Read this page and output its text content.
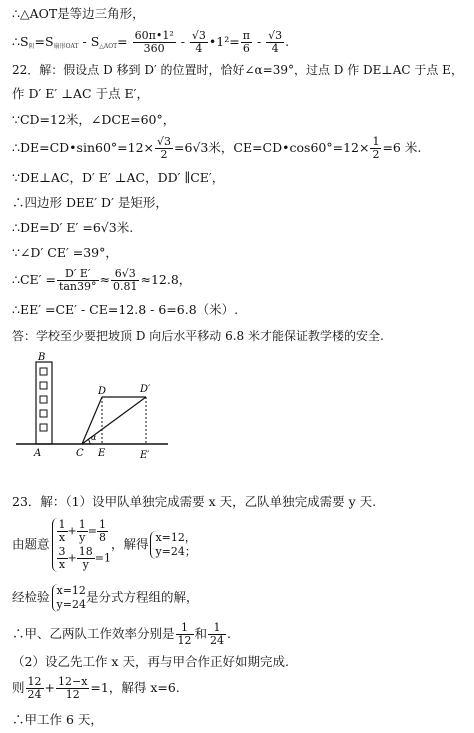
∴△AOT是等边三角形，
$\therefore S_阴=S_{扇形OAT} - S_{\triangle AOT}= \frac{\text{60π•1²}}{360} - \frac{√3}{4}$ •1²= $\frac{\pi}{6} - \frac{√3}{4}$ .
22．解：假设点 D 移到 D′ 的位置时，恰好∠α=39°，过点 D 作 DE⊥AC 于点 E，
作 D′ E′ ⊥AC 于点 E′，
∵CD=12米，∠DCE=60°，
∴DE=CD•sin60°=12× $\frac{√3}{2} =6√3$米，CE=CD•cos60°=12× $\frac{1}{2} =6$ 米.
∵DE⊥AC，D′ E′ ⊥AC，DD′ ∥CE′，
∴四边形 DEE′ D′ 是矩形，
∴DE=D′ E′ =6√3米.
∵∠D′ CE′ =39°，
∴CE′ = $\frac{D' E'}{\tan 39^\circ} \approx \frac{6√3}{0.81} \approx 12.8$，
∴EE′ =CE′ - CE=12.8 - 6=6.8（米）.
答：学校至少要把坡顶 D 向后水平移动 6.8 米才能保证教学楼的安全.
B
D	D′
A	C E	E′
α
23．解：（1）设甲队单独完成需要 x 天，乙队单独完成需要 y 天.
由题意 $\frac{1}{x} + \frac{1}{y} = \frac{1}{8}$
$\frac{3}{x} + \frac{18}{y} =1$
，解得 x=12，
y=24；
经检验 x=12
y=24 是分式方程组的解，
∴甲、乙两队工作效率分别是 $\frac{1}{12}$ 和 $\frac{1}{24}$ .
（2）设乙先工作 x 天，再与甲合作正好如期完成.
则 $\frac{12}{24} + \frac{12-x}{12} =1$，解得 x=6.
∴甲工作 6 天，
